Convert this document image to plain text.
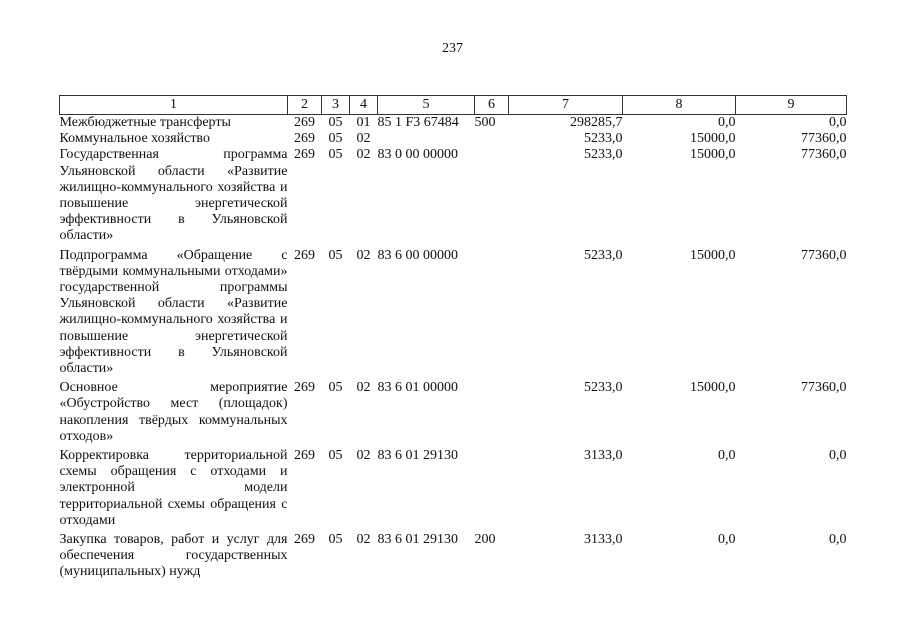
237
1	2	3	4	5	6	7	8	9
Межбюджетные трансферты	269	05	01	85 1 F3 67484	500	298285,7	0,0	0,0
Коммунальное хозяйство	269	05	02			5233,0	15000,0	77360,0
Государственная программа Ульяновской области «Развитие жилищно-коммунального хозяйства и повышение энергетической эффективности в Ульяновской области»	269	05	02	83 0 00 00000		5233,0	15000,0	77360,0
Подпрограмма «Обращение с твёрдыми коммунальными отходами» государственной программы Ульяновской области «Развитие жилищно-коммунального хозяйства и повышение энергетической эффективности в Ульяновской области»	269	05	02	83 6 00 00000		5233,0	15000,0	77360,0
Основное мероприятие «Обустройство мест (площадок) накопления твёрдых коммунальных отходов»	269	05	02	83 6 01 00000		5233,0	15000,0	77360,0
Корректировка территориальной схемы обращения с отходами и электронной модели территориальной схемы обращения с отходами	269	05	02	83 6 01 29130		3133,0	0,0	0,0
Закупка товаров, работ и услуг для обеспечения государственных (муниципальных) нужд	269	05	02	83 6 01 29130	200	3133,0	0,0	0,0
